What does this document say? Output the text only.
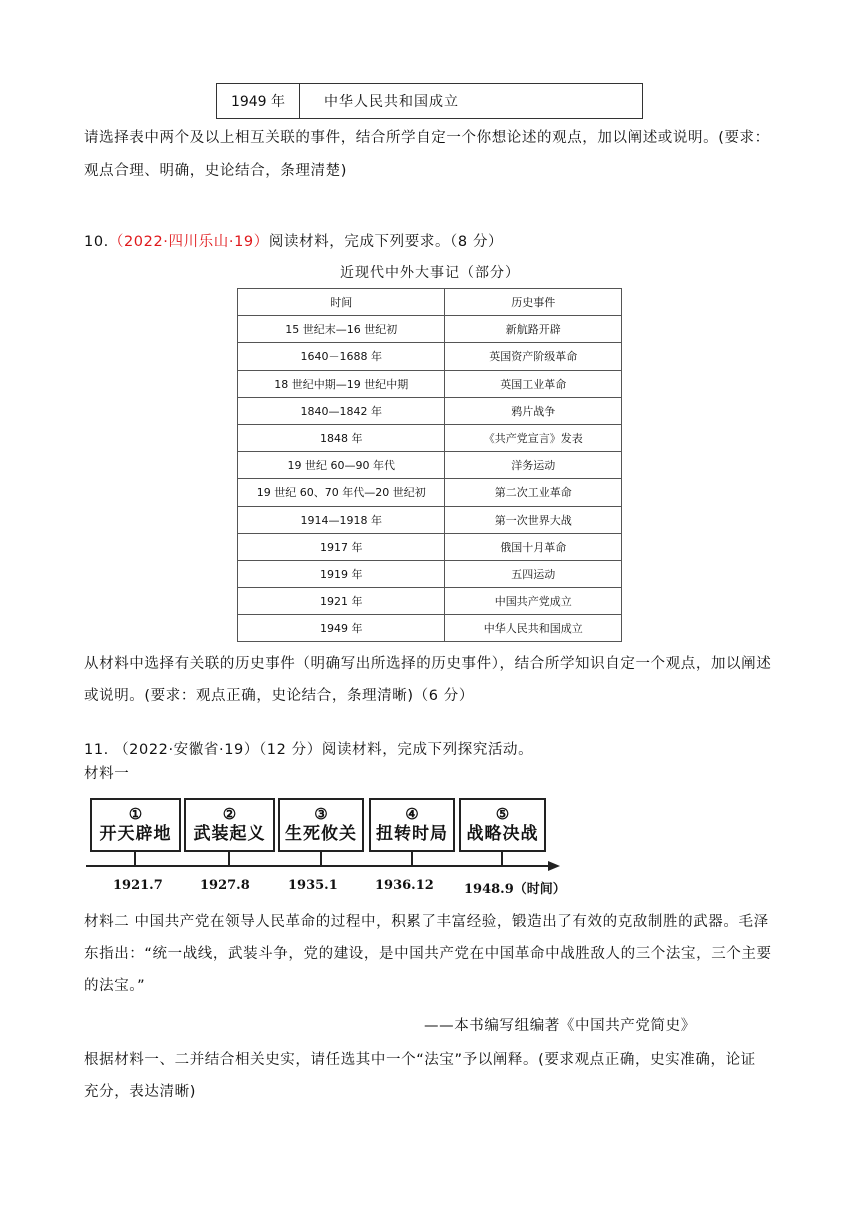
1949 年	中华人民共和国成立
请选择表中两个及以上相互关联的事件，结合所学自定一个你想论述的观点，加以阐述或说明。(要求：
观点合理、明确，史论结合，条理清楚)
10.（2022·四川乐山·19）阅读材料，完成下列要求。（8 分）
近现代中外大事记（部分）
时间	历史事件
15 世纪末—16 世纪初	新航路开辟
1640－1688 年	英国资产阶级革命
18 世纪中期—19 世纪中期	英国工业革命
1840—1842 年	鸦片战争
1848 年	《共产党宣言》发表
19 世纪 60—90 年代	洋务运动
19 世纪 60、70 年代—20 世纪初	第二次工业革命
1914—1918 年	第一次世界大战
1917 年	俄国十月革命
1919 年	五四运动
1921 年	中国共产党成立
1949 年	中华人民共和国成立
从材料中选择有关联的历史事件（明确写出所选择的历史事件），结合所学知识自定一个观点，加以阐述
或说明。(要求：观点正确，史论结合，条理清晰)（6 分）
11. （2022·安徽省·19）（12 分）阅读材料，完成下列探究活动。
材料一
①
开天辟地
②
武装起义
③
生死攸关
④
扭转时局
⑤
战略决战
1921.7	1927.8	1935.1	1936.12 1948.9（时间）
材料二 中国共产党在领导人民革命的过程中，积累了丰富经验，锻造出了有效的克敌制胜的武器。毛泽
东指出：“统一战线，武装斗争，党的建设，是中国共产党在中国革命中战胜敌人的三个法宝，三个主要
的法宝。”
——本书编写组编著《中国共产党简史》
根据材料一、二并结合相关史实，请任选其中一个“法宝”予以阐释。(要求观点正确，史实准确，论证
充分，表达清晰)
